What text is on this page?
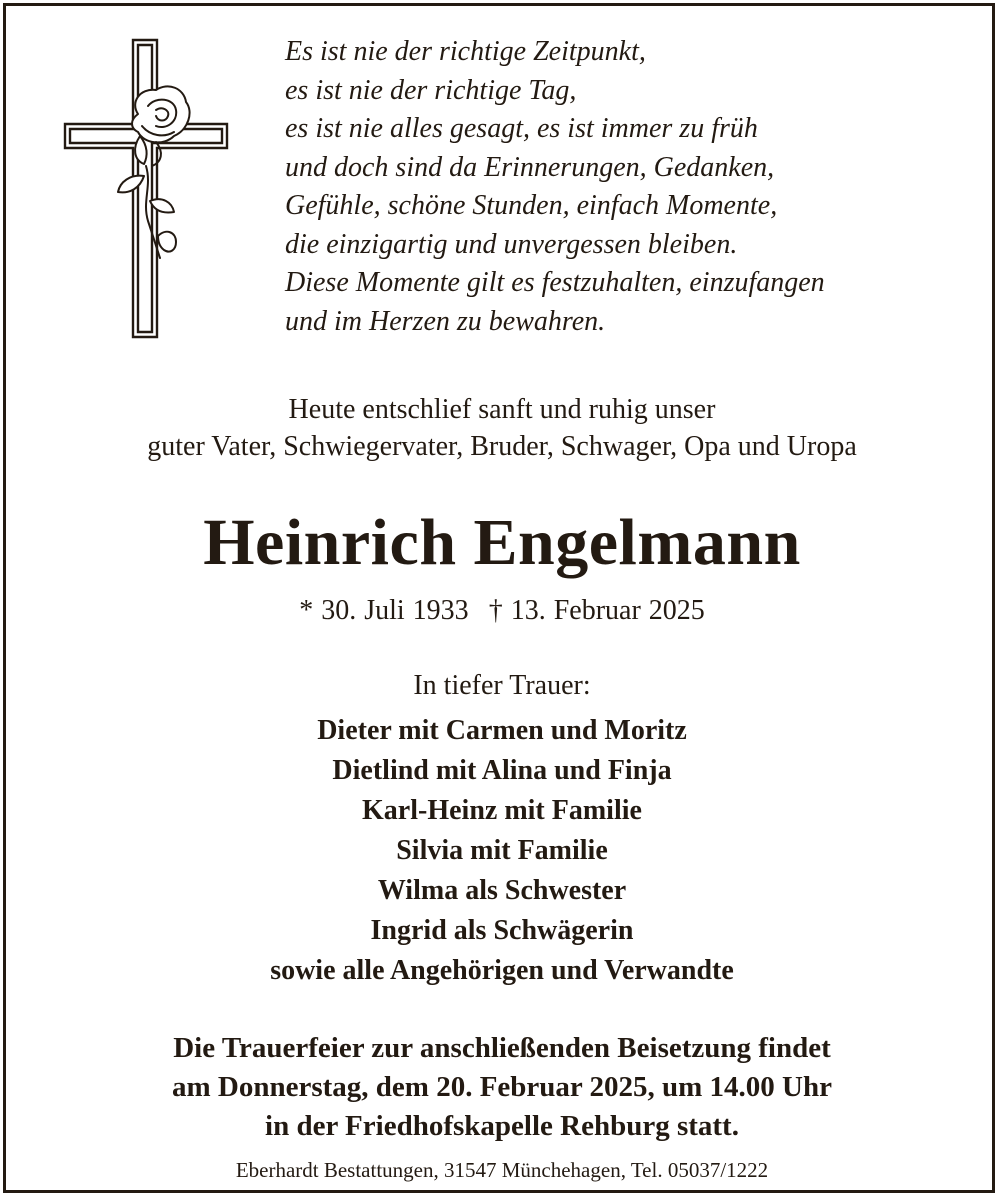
Es ist nie der richtige Zeitpunkt,
es ist nie der richtige Tag,
es ist nie alles gesagt, es ist immer zu früh
und doch sind da Erinnerungen, Gedanken,
Gefühle, schöne Stunden, einfach Momente,
die einzigartig und unvergessen bleiben.
Diese Momente gilt es festzuhalten, einzufangen
und im Herzen zu bewahren.
Heute entschlief sanft und ruhig unser
guter Vater, Schwiegervater, Bruder, Schwager, Opa und Uropa
Heinrich Engelmann
* 30. Juli 1933 † 13. Februar 2025
In tiefer Trauer:
Dieter mit Carmen und Moritz
Dietlind mit Alina und Finja
Karl-Heinz mit Familie
Silvia mit Familie
Wilma als Schwester
Ingrid als Schwägerin
sowie alle Angehörigen und Verwandte
Die Trauerfeier zur anschließenden Beisetzung findet
am Donnerstag, dem 20. Februar 2025, um 14.00 Uhr
in der Friedhofskapelle Rehburg statt.
Eberhardt Bestattungen, 31547 Münchehagen, Tel. 05037/1222
